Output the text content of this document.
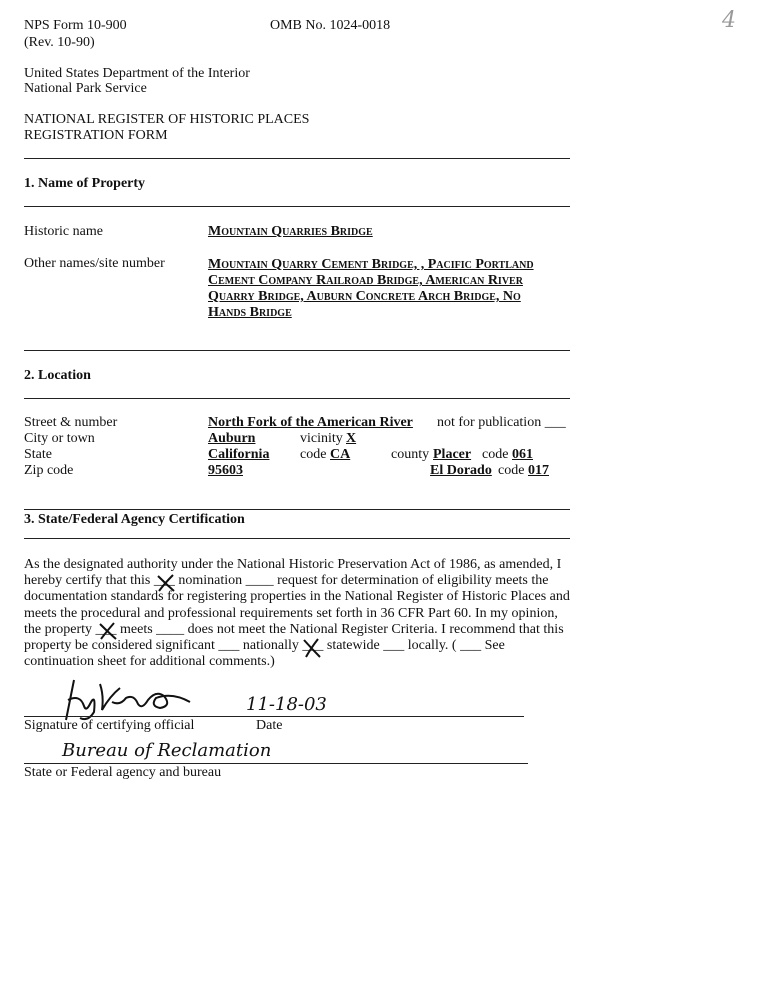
NPS Form 10-900
(Rev. 10-90)
OMB No. 1024-0018	4
United States Department of the Interior
National Park Service
NATIONAL REGISTER OF HISTORIC PLACES
REGISTRATION FORM
1. Name of Property
Historic name	Mountain Quarries Bridge
Other names/site number	Mountain Quarry Cement Bridge, , Pacific Portland
Cement Company Railroad Bridge, American River
Quarry Bridge, Auburn Concrete Arch Bridge, No
Hands Bridge
2. Location
Street & number	North Fork of the American River not for publication ___
City or town	Auburn	vicinity X
State	California code CA	county Placer code 061
Zip code	95603	El Dorado code 017
3. State/Federal Agency Certification
As the designated authority under the National Historic Preservation Act of 1986, as amended, I
hereby certify that this ___ nomination ____ request for determination of eligibility meets the
documentation standards for registering properties in the National Register of Historic Places and
meets the procedural and professional requirements set forth in 36 CFR Part 60. In my opinion,
the property ___ meets ____ does not meet the National Register Criteria. I recommend that this
property be considered significant ___ nationally ___ statewide ___ locally. ( ___ See
continuation sheet for additional comments.)
Signature of certifying official
11-18-03
Date
Bureau of Reclamation
State or Federal agency and bureau
